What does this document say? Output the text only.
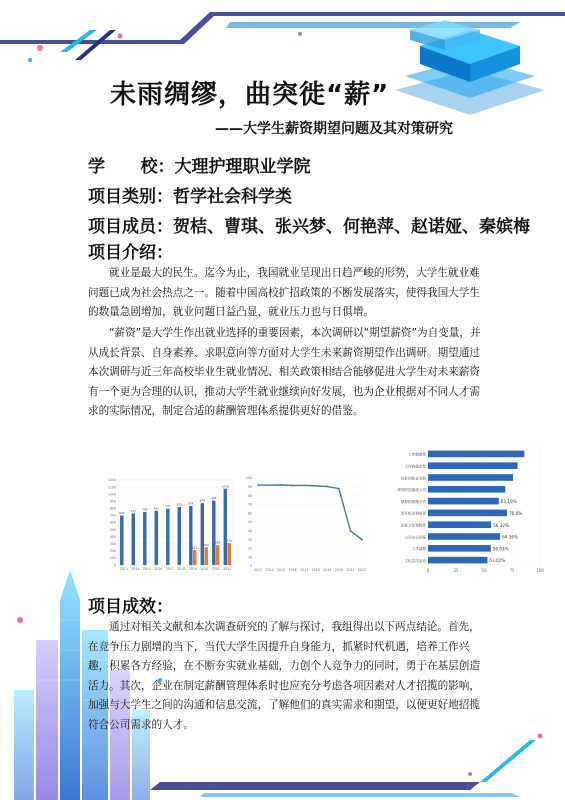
未雨绸缪，曲突徙“薪”
——大学生薪资期望问题及其对策研究
学      校：大理护理职业学院
项目类别：哲学社会科学类
项目成员：贺桔、曹琪、张兴梦、何艳萍、赵诺娅、秦嫔梅
项目介绍：

就业是最大的民生。迄今为止，我国就业呈现出日趋严峻的形势，大学生就业难问题已成为社会热点之一。随着中国高校扩招政策的不断发展落实，使得我国大学生的数量急剧增加，就业问题日益凸显，就业压力也与日俱增。

“薪资”是大学生作出就业选择的重要因素，本次调研以“期望薪资”为自变量，并从成长背景、自身素养、求职意向等方面对大学生未来薪资期望作出调研。期望通过本次调研与近三年高校毕业生就业情况、相关政策相结合能够促进大学生对未来薪资有一个更为合理的认识，推动大学生就业继续向好发展，也为企业根据对不同人才需求的实际情况，制定合适的薪酬管理体系提供更好的借鉴。

0
100
200
300
400
500
600
700
800
900
1000
1100
1200
699
2013
727
2014
749
2015
765
2016
795
2017
820
2018
834
210
2019
874
250
2020
909
280
2021
1076
310
2022
100
90
80
70
60
50
40
30
20
10
0
2013 2014 2015 2016 2017 2018 2019 2020 2021 2022	0	25	50	75	100
工作地域性
工作的稳定性
良好的职业发展
领导的层级或公司
领导的管理方式	63.19%
晋升机会和前景	70.6%
企业文化和制度	56.32%
公司办公环境	64.36%
工作福利	56.04%
文化层次活动	53.02%
项目成效：

通过对相关文献和本次调查研究的了解与探讨，我组得出以下两点结论。首先，在竞争压力剧增的当下，当代大学生因提升自身能力，抓紧时代机遇，培养工作兴趣，积累各方经验，在不断夯实就业基础，力创个人竞争力的同时，勇于在基层创造活力。其次，企业在制定薪酬管理体系时也应充分考虑各项因素对人才招揽的影响，加强与大学生之间的沟通和信息交流，了解他们的真实需求和期望，以便更好地招揽符合公司需求的人才。
